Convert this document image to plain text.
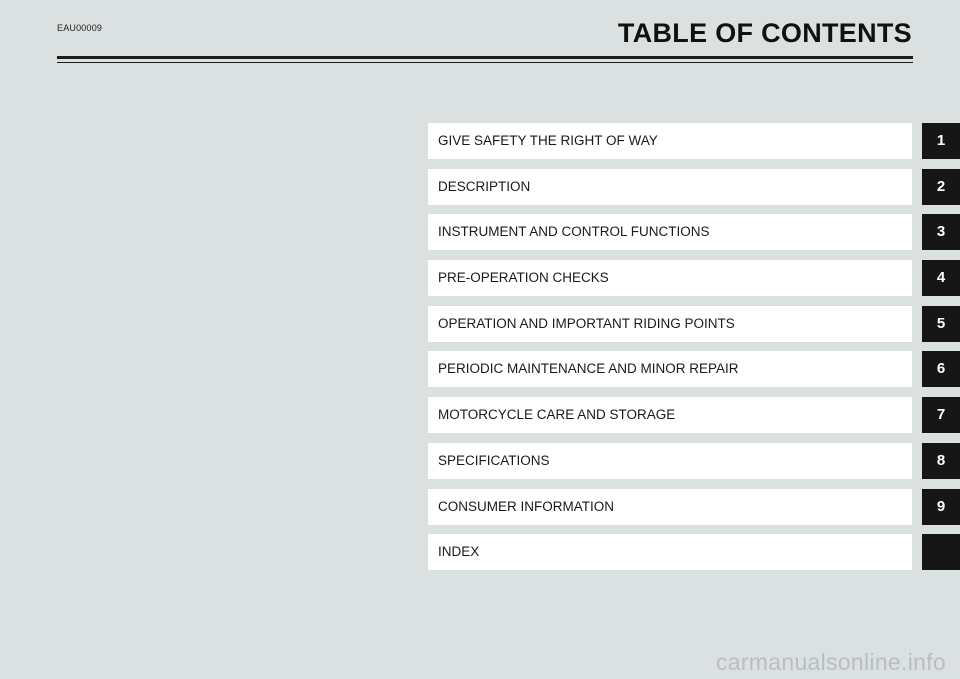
EAU00009	TABLE OF CONTENTS
GIVE SAFETY THE RIGHT OF WAY	1
DESCRIPTION	2
INSTRUMENT AND CONTROL FUNCTIONS	3
PRE-OPERATION CHECKS	4
OPERATION AND IMPORTANT RIDING POINTS	5
PERIODIC MAINTENANCE AND MINOR REPAIR	6
MOTORCYCLE CARE AND STORAGE	7
SPECIFICATIONS	8
CONSUMER INFORMATION	9
INDEX
carmanualsonline.info
